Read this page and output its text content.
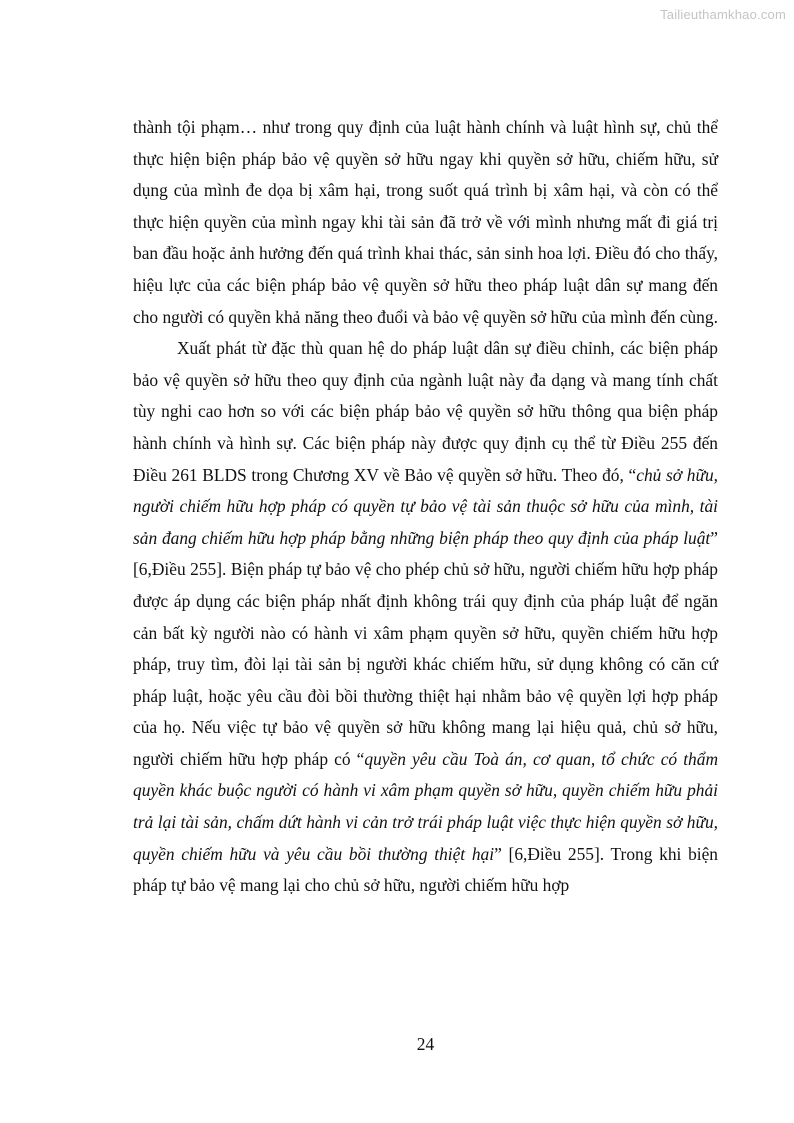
Tailieuthamkhao.com

thành tội phạm… như trong quy định của luật hành chính và luật hình sự, chủ thể thực hiện biện pháp bảo vệ quyền sở hữu ngay khi quyền sở hữu, chiếm hữu, sử dụng của mình đe dọa bị xâm hại, trong suốt quá trình bị xâm hại, và còn có thể thực hiện quyền của mình ngay khi tài sản đã trở về với mình nhưng mất đi giá trị ban đầu hoặc ảnh hưởng đến quá trình khai thác, sản sinh hoa lợi. Điều đó cho thấy, hiệu lực của các biện pháp bảo vệ quyền sở hữu theo pháp luật dân sự mang đến cho người có quyền khả năng theo đuổi và bảo vệ quyền sở hữu của mình đến cùng.

Xuất phát từ đặc thù quan hệ do pháp luật dân sự điều chỉnh, các biện pháp bảo vệ quyền sở hữu theo quy định của ngành luật này đa dạng và mang tính chất tùy nghi cao hơn so với các biện pháp bảo vệ quyền sở hữu thông qua biện pháp hành chính và hình sự. Các biện pháp này được quy định cụ thể từ Điều 255 đến Điều 261 BLDS trong Chương XV về Bảo vệ quyền sở hữu. Theo đó, “chủ sở hữu, người chiếm hữu hợp pháp có quyền tự bảo vệ tài sản thuộc sở hữu của mình, tài sản đang chiếm hữu hợp pháp bằng những biện pháp theo quy định của pháp luật” [6,Điều 255]. Biện pháp tự bảo vệ cho phép chủ sở hữu, người chiếm hữu hợp pháp được áp dụng các biện pháp nhất định không trái quy định của pháp luật để ngăn cản bất kỳ người nào có hành vi xâm phạm quyền sở hữu, quyền chiếm hữu hợp pháp, truy tìm, đòi lại tài sản bị người khác chiếm hữu, sử dụng không có căn cứ pháp luật, hoặc yêu cầu đòi bồi thường thiệt hại nhằm bảo vệ quyền lợi hợp pháp của họ. Nếu việc tự bảo vệ quyền sở hữu không mang lại hiệu quả, chủ sở hữu, người chiếm hữu hợp pháp có “quyền yêu cầu Toà án, cơ quan, tổ chức có thẩm quyền khác buộc người có hành vi xâm phạm quyền sở hữu, quyền chiếm hữu phải trả lại tài sản, chấm dứt hành vi cản trở trái pháp luật việc thực hiện quyền sở hữu, quyền chiếm hữu và yêu cầu bồi thường thiệt hại” [6,Điều 255]. Trong khi biện pháp tự bảo vệ mang lại cho chủ sở hữu, người chiếm hữu hợp

24
